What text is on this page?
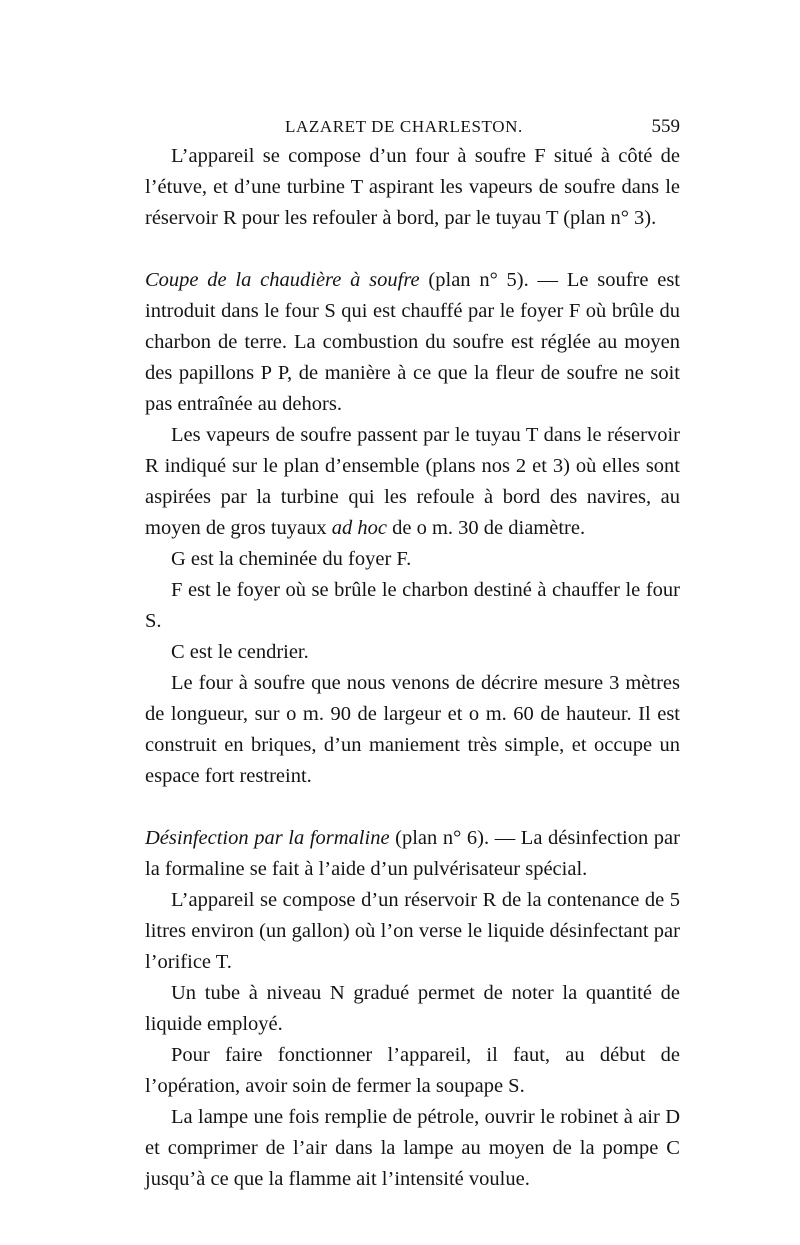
LAZARET DE CHARLESTON.	559

L’appareil se compose d’un four à soufre F situé à côté de l’étuve, et d’une turbine T aspirant les vapeurs de soufre dans le réservoir R pour les refouler à bord, par le tuyau T (plan n° 3).

Coupe de la chaudière à soufre (plan n° 5). — Le soufre est introduit dans le four S qui est chauffé par le foyer F où brûle du charbon de terre. La combustion du soufre est réglée au moyen des papillons P P, de manière à ce que la fleur de soufre ne soit pas entraînée au dehors.

Les vapeurs de soufre passent par le tuyau T dans le réservoir R indiqué sur le plan d’ensemble (plans nos 2 et 3) où elles sont aspirées par la turbine qui les refoule à bord des navires, au moyen de gros tuyaux ad hoc de o m. 30 de diamètre.

G est la cheminée du foyer F.

F est le foyer où se brûle le charbon destiné à chauffer le four S.

C est le cendrier.

Le four à soufre que nous venons de décrire mesure 3 mètres de longueur, sur o m. 90 de largeur et o m. 60 de hauteur. Il est construit en briques, d’un maniement très simple, et occupe un espace fort restreint.

Désinfection par la formaline (plan n° 6). — La désinfection par la formaline se fait à l’aide d’un pulvérisateur spécial.

L’appareil se compose d’un réservoir R de la contenance de 5 litres environ (un gallon) où l’on verse le liquide désinfectant par l’orifice T.

Un tube à niveau N gradué permet de noter la quantité de liquide employé.

Pour faire fonctionner l’appareil, il faut, au début de l’opération, avoir soin de fermer la soupape S.

La lampe une fois remplie de pétrole, ouvrir le robinet à air D et comprimer de l’air dans la lampe au moyen de la pompe C jusqu’à ce que la flamme ait l’intensité voulue.
